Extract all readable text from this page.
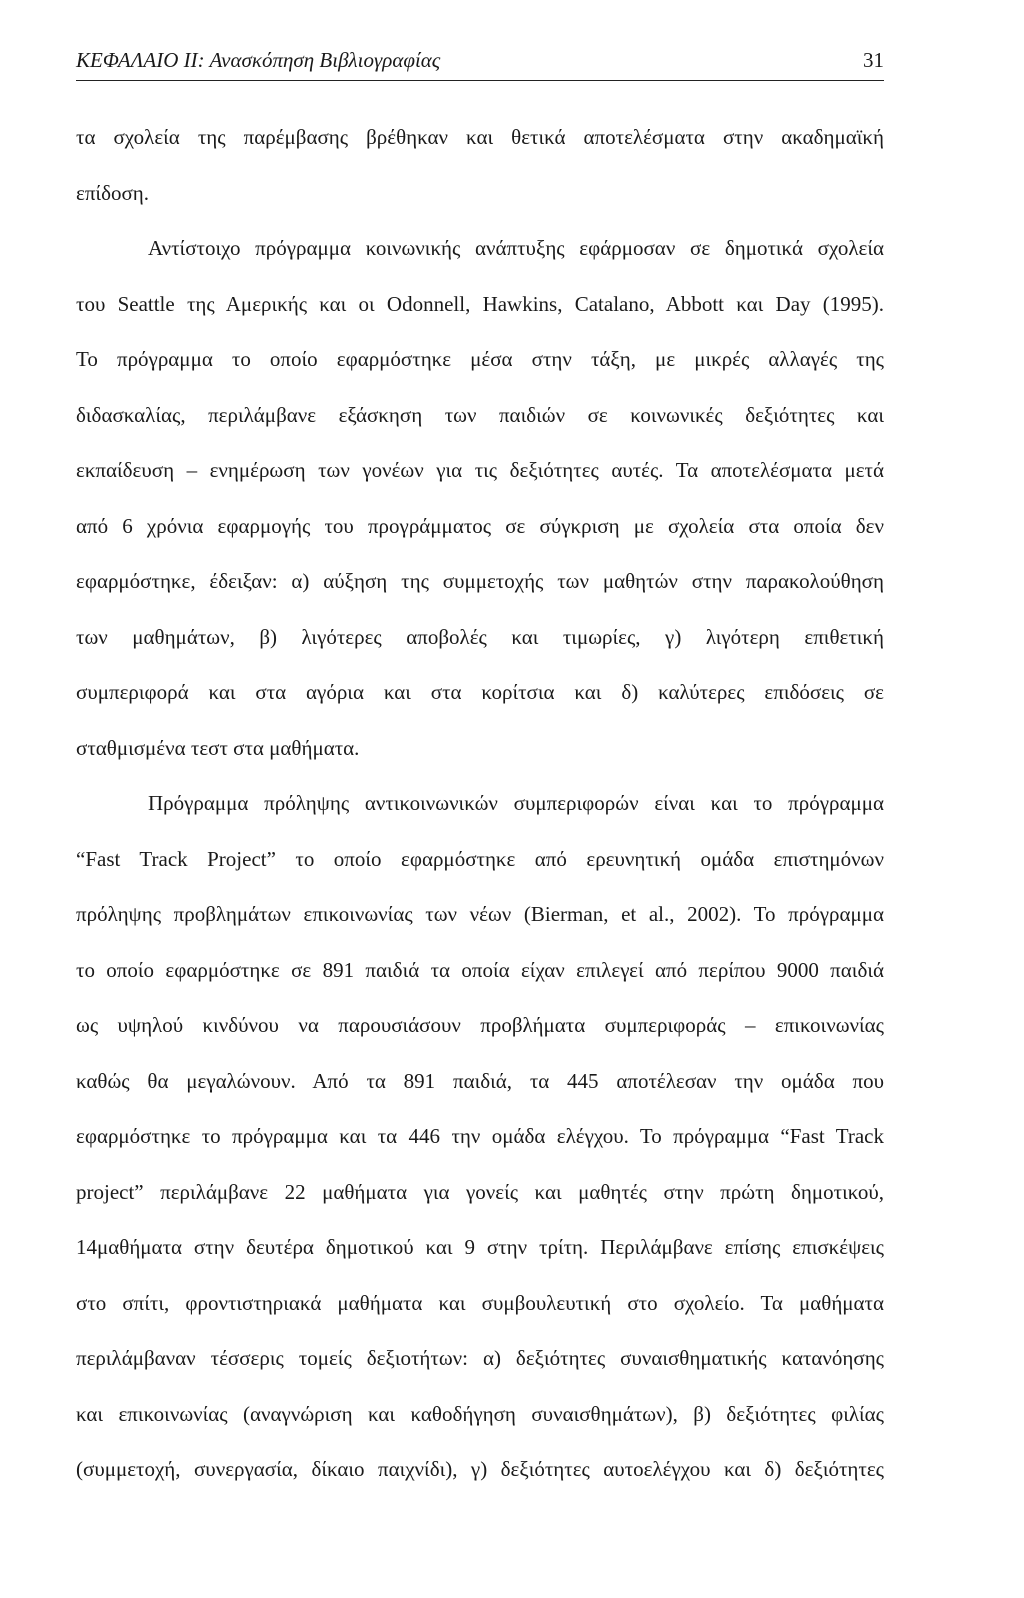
ΚΕΦΑΛΑΙΟ ΙΙ: Ανασκόπηση Βιβλιογραφίας	31
τα σχολεία της παρέμβασης βρέθηκαν και θετικά αποτελέσματα στην ακαδημαϊκή
επίδοση.
Αντίστοιχο πρόγραμμα κοινωνικής ανάπτυξης εφάρμοσαν σε δημοτικά σχολεία
του Seattle της Αμερικής και οι Odonnell, Hawkins, Catalano, Abbott και Day (1995).
Το πρόγραμμα το οποίο εφαρμόστηκε μέσα στην τάξη, με μικρές αλλαγές της
διδασκαλίας, περιλάμβανε εξάσκηση των παιδιών σε κοινωνικές δεξιότητες και
εκπαίδευση – ενημέρωση των γονέων για τις δεξιότητες αυτές. Τα αποτελέσματα μετά
από 6 χρόνια εφαρμογής του προγράμματος σε σύγκριση με σχολεία στα οποία δεν
εφαρμόστηκε, έδειξαν: α) αύξηση της συμμετοχής των μαθητών στην παρακολούθηση
των μαθημάτων, β) λιγότερες αποβολές και τιμωρίες, γ) λιγότερη επιθετική
συμπεριφορά και στα αγόρια και στα κορίτσια και δ) καλύτερες επιδόσεις σε
σταθμισμένα τεστ στα μαθήματα.
Πρόγραμμα πρόληψης αντικοινωνικών συμπεριφορών είναι και το πρόγραμμα
“Fast Track Project” το οποίο εφαρμόστηκε από ερευνητική ομάδα επιστημόνων
πρόληψης προβλημάτων επικοινωνίας των νέων (Bierman, et al., 2002). Το πρόγραμμα
το οποίο εφαρμόστηκε σε 891 παιδιά τα οποία είχαν επιλεγεί από περίπου 9000 παιδιά
ως υψηλού κινδύνου να παρουσιάσουν προβλήματα συμπεριφοράς – επικοινωνίας
καθώς θα μεγαλώνουν. Από τα 891 παιδιά, τα 445 αποτέλεσαν την ομάδα που
εφαρμόστηκε το πρόγραμμα και τα 446 την ομάδα ελέγχου. Το πρόγραμμα “Fast Track
project” περιλάμβανε 22 μαθήματα για γονείς και μαθητές στην πρώτη δημοτικού,
14μαθήματα στην δευτέρα δημοτικού και 9 στην τρίτη. Περιλάμβανε επίσης επισκέψεις
στο σπίτι, φροντιστηριακά μαθήματα και συμβουλευτική στο σχολείο. Τα μαθήματα
περιλάμβαναν τέσσερις τομείς δεξιοτήτων: α) δεξιότητες συναισθηματικής κατανόησης
και επικοινωνίας (αναγνώριση και καθοδήγηση συναισθημάτων), β) δεξιότητες φιλίας
(συμμετοχή, συνεργασία, δίκαιο παιχνίδι), γ) δεξιότητες αυτοελέγχου και δ) δεξιότητες
